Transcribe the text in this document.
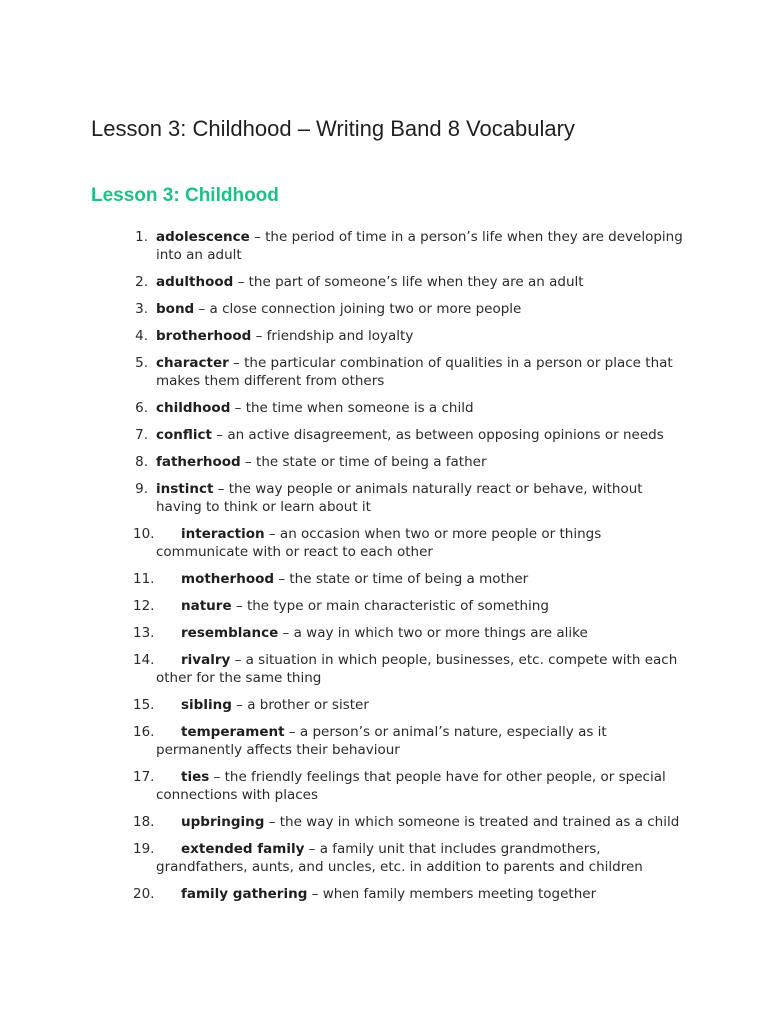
Lesson 3: Childhood – Writing Band 8 Vocabulary
Lesson 3: Childhood
1. adolescence – the period of time in a person’s life when they are developing into an adult
2. adulthood – the part of someone’s life when they are an adult
3. bond – a close connection joining two or more people
4. brotherhood – friendship and loyalty
5. character – the particular combination of qualities in a person or place that makes them different from others
6. childhood – the time when someone is a child
7. conflict – an active disagreement, as between opposing opinions or needs
8. fatherhood – the state or time of being a father
9. instinct – the way people or animals naturally react or behave, without having to think or learn about it
10.	interaction – an occasion when two or more people or things communicate with or react to each other
11.	motherhood – the state or time of being a mother
12.	nature – the type or main characteristic of something
13.	resemblance – a way in which two or more things are alike
14.	rivalry – a situation in which people, businesses, etc. compete with each other for the same thing
15.	sibling – a brother or sister
16.	temperament – a person’s or animal’s nature, especially as it permanently affects their behaviour
17.	ties – the friendly feelings that people have for other people, or special connections with places
18.	upbringing – the way in which someone is treated and trained as a child
19.	extended family – a family unit that includes grandmothers, grandfathers, aunts, and uncles, etc. in addition to parents and children
20.	family gathering – when family members meeting together
